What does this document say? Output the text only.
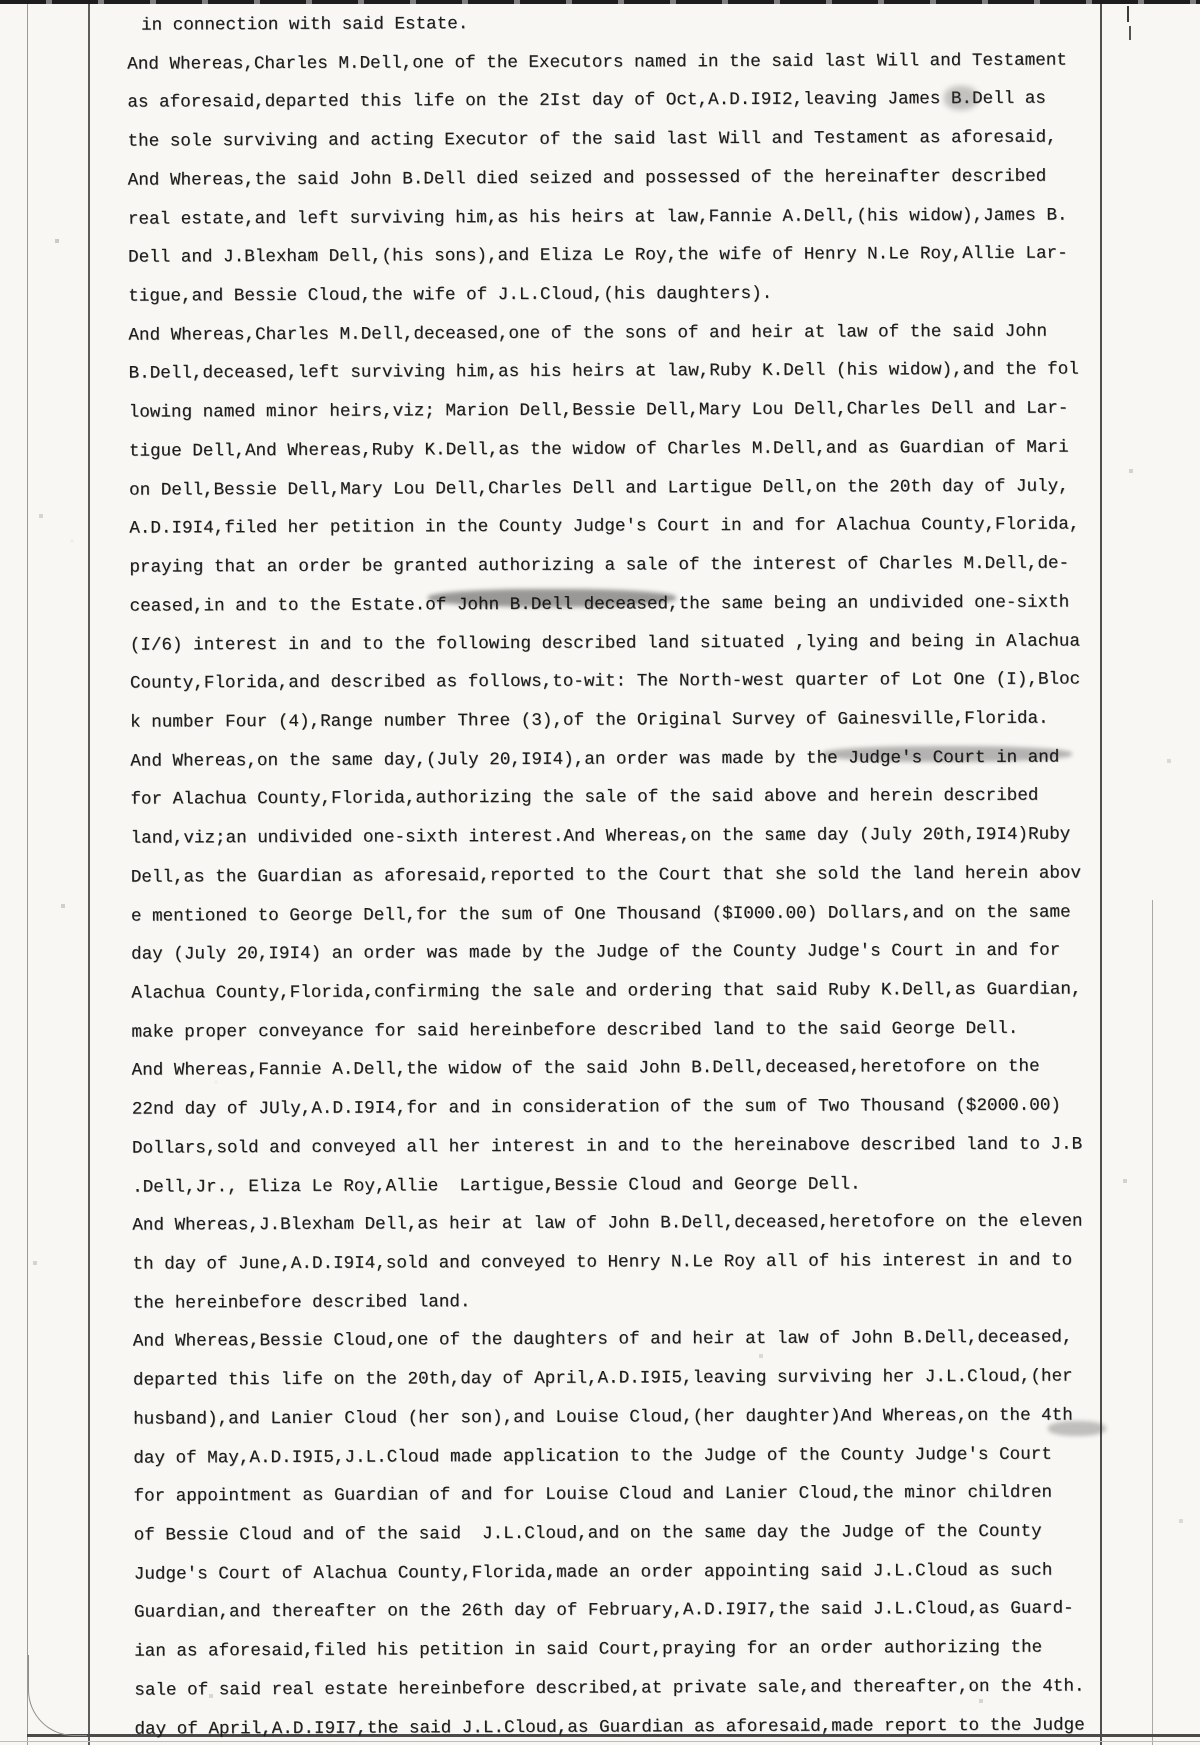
in connection with said Estate.
And Whereas,Charles M.Dell,one of the Executors named in the said last Will and Testament
as aforesaid,departed this life on the 2Ist day of Oct,A.D.I9I2,leaving James B.Dell as
the sole surviving and acting Executor of the said last Will and Testament as aforesaid,
And Whereas,the said John B.Dell died seized and possessed of the hereinafter described
real estate,and left surviving him,as his heirs at law,Fannie A.Dell,(his widow),James B.
Dell and J.Blexham Dell,(his sons),and Eliza Le Roy,the wife of Henry N.Le Roy,Allie Lar-
tigue,and Bessie Cloud,the wife of J.L.Cloud,(his daughters).
And Whereas,Charles M.Dell,deceased,one of the sons of and heir at law of the said John
B.Dell,deceased,left surviving him,as his heirs at law,Ruby K.Dell (his widow),and the fol
lowing named minor heirs,viz; Marion Dell,Bessie Dell,Mary Lou Dell,Charles Dell and Lar-
tigue Dell,And Whereas,Ruby K.Dell,as the widow of Charles M.Dell,and as Guardian of Mari
on Dell,Bessie Dell,Mary Lou Dell,Charles Dell and Lartigue Dell,on the 20th day of July,
A.D.I9I4,filed her petition in the County Judge's Court in and for Alachua County,Florida,
praying that an order be granted authorizing a sale of the interest of Charles M.Dell,de-
ceased,in and to the Estate.of John B.Dell deceased,the same being an undivided one-sixth
(I/6) interest in and to the following described land situated ,lying and being in Alachua
County,Florida,and described as follows,to-wit: The North-west quarter of Lot One (I),Bloc
k number Four (4),Range number Three (3),of the Original Survey of Gainesville,Florida.
And Whereas,on the same day,(July 20,I9I4),an order was made by the Judge's Court in and
for Alachua County,Florida,authorizing the sale of the said above and herein described
land,viz;an undivided one-sixth interest.And Whereas,on the same day (July 20th,I9I4)Ruby
Dell,as the Guardian as aforesaid,reported to the Court that she sold the land herein abov
e mentioned to George Dell,for the sum of One Thousand ($I000.00) Dollars,and on the same
day (July 20,I9I4) an order was made by the Judge of the County Judge's Court in and for
Alachua County,Florida,confirming the sale and ordering that said Ruby K.Dell,as Guardian,
make proper conveyance for said hereinbefore described land to the said George Dell.
And Whereas,Fannie A.Dell,the widow of the said John B.Dell,deceased,heretofore on the
22nd day of JUly,A.D.I9I4,for and in consideration of the sum of Two Thousand ($2000.00)
Dollars,sold and conveyed all her interest in and to the hereinabove described land to J.B
.Dell,Jr., Eliza Le Roy,Allie  Lartigue,Bessie Cloud and George Dell.
And Whereas,J.Blexham Dell,as heir at law of John B.Dell,deceased,heretofore on the eleven
th day of June,A.D.I9I4,sold and conveyed to Henry N.Le Roy all of his interest in and to
the hereinbefore described land.
And Whereas,Bessie Cloud,one of the daughters of and heir at law of John B.Dell,deceased,
departed this life on the 20th,day of April,A.D.I9I5,leaving surviving her J.L.Cloud,(her
husband),and Lanier Cloud (her son),and Louise Cloud,(her daughter)And Whereas,on the 4th
day of May,A.D.I9I5,J.L.Cloud made application to the Judge of the County Judge's Court
for appointment as Guardian of and for Louise Cloud and Lanier Cloud,the minor children
of Bessie Cloud and of the said  J.L.Cloud,and on the same day the Judge of the County
Judge's Court of Alachua County,Florida,made an order appointing said J.L.Cloud as such
Guardian,and thereafter on the 26th day of February,A.D.I9I7,the said J.L.Cloud,as Guard-
ian as aforesaid,filed his petition in said Court,praying for an order authorizing the
sale of said real estate hereinbefore described,at private sale,and thereafter,on the 4th.
day of April,A.D.I9I7,the said J.L.Cloud,as Guardian as aforesaid,made report to the Judge
